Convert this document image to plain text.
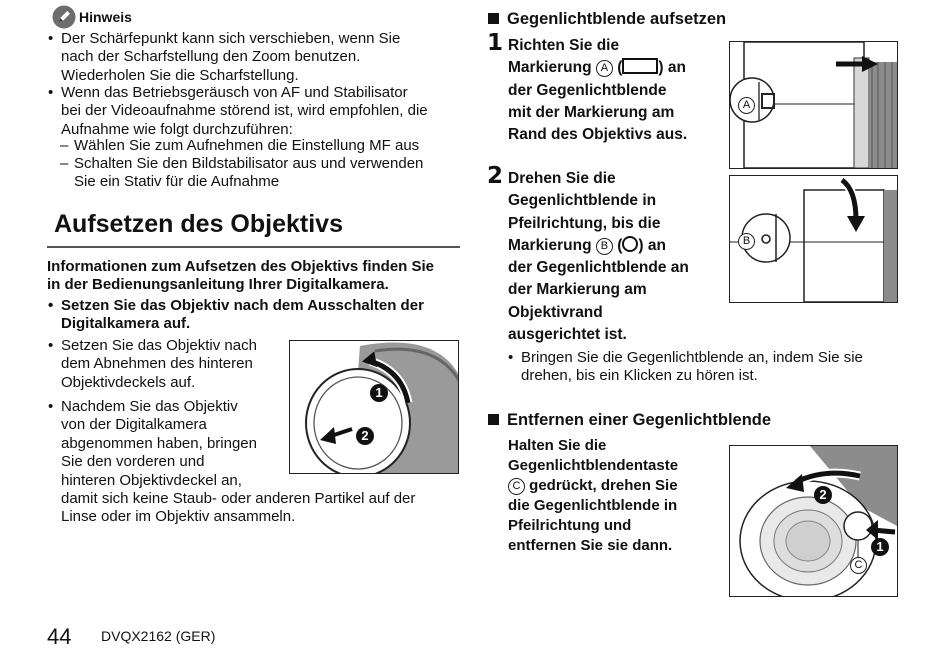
Hinweis
• Der Schärfepunkt kann sich verschieben, wenn Sie
nach der Scharfstellung den Zoom benutzen.
Wiederholen Sie die Scharfstellung.
• Wenn das Betriebsgeräusch von AF und Stabilisator
bei der Videoaufnahme störend ist, wird empfohlen, die
Aufnahme wie folgt durchzuführen:
– Wählen Sie zum Aufnehmen die Einstellung MF aus
– Schalten Sie den Bildstabilisator aus und verwenden
Sie ein Stativ für die Aufnahme
Aufsetzen des Objektivs
Informationen zum Aufsetzen des Objektivs finden Sie
in der Bedienungsanleitung Ihrer Digitalkamera.
• Setzen Sie das Objektiv nach dem Ausschalten der
Digitalkamera auf.
• Setzen Sie das Objektiv nach
dem Abnehmen des hinteren
Objektivdeckels auf.
• Nachdem Sie das Objektiv
von der Digitalkamera
abgenommen haben, bringen
Sie den vorderen und
hinteren Objektivdeckel an,
damit sich keine Staub- oder anderen Partikel auf der
Linse oder im Objektiv ansammeln.
1
2
44 DVQX2162 (GER)
Gegenlichtblende aufsetzen
1 Richten Sie die
Markierung A ( ) an
der Gegenlichtblende
mit der Markierung am
Rand des Objektivs aus.
A
2 Drehen Sie die
Gegenlichtblende in
Pfeilrichtung, bis die
Markierung B (○) an
der Gegenlichtblende an
der Markierung am
Objektivrand
ausgerichtet ist.
B
• Bringen Sie die Gegenlichtblende an, indem Sie sie
drehen, bis ein Klicken zu hören ist.
Entfernen einer Gegenlichtblende
Halten Sie die
Gegenlichtblendentaste
C gedrückt, drehen Sie
die Gegenlichtblende in
Pfeilrichtung und
entfernen Sie sie dann.
2
1
C
